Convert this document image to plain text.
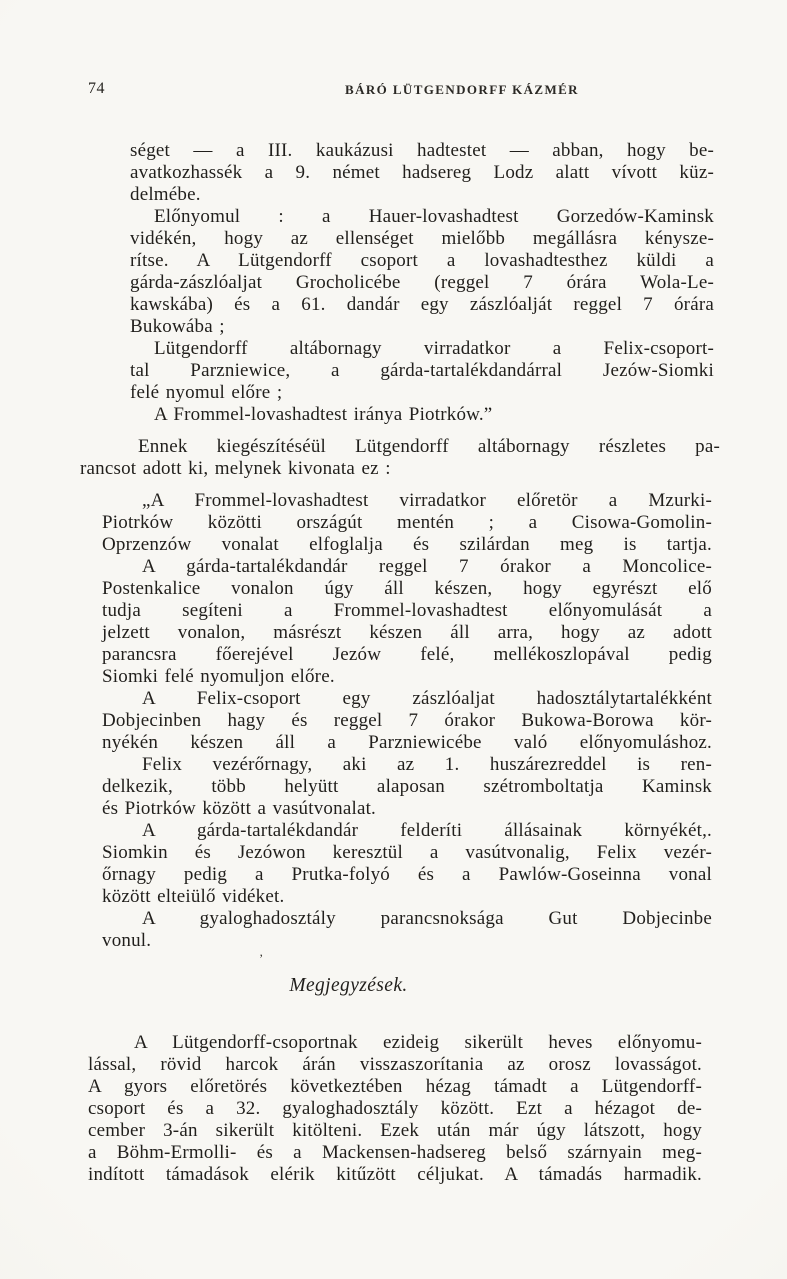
74	BÁRÓ LÜTGENDORFF KÁZMÉR
séget — a III. kaukázusi hadtestet — abban, hogy be-
avatkozhassék a 9. német hadsereg Lodz alatt vívott küz-
delmébe.
Előnyomul : a Hauer-lovashadtest Gorzedów-Kaminsk
vidékén, hogy az ellenséget mielőbb megállásra kénysze-
rítse. A Lütgendorff csoport a lovashadtesthez küldi a
gárda-zászlóaljat Grocholicébe (reggel 7 órára Wola-Le-
kawskába) és a 61. dandár egy zászlóalját reggel 7 órára
Bukowába ;
Lütgendorff altábornagy virradatkor a Felix-csoport-
tal Parzniewice, a gárda-tartalékdandárral Jezów-Siomki
felé nyomul előre ;
A Frommel-lovashadtest iránya Piotrków.”
Ennek kiegészítéséül Lütgendorff altábornagy részletes pa-
rancsot adott ki, melynek kivonata ez :
„A Frommel-lovashadtest virradatkor előretör a Mzurki-
Piotrków közötti országút mentén ; a Cisowa-Gomolin-
Oprzenzów vonalat elfoglalja és szilárdan meg is tartja.
A gárda-tartalékdandár reggel 7 órakor a Moncolice-
Postenkalice vonalon úgy áll készen, hogy egyrészt elő
tudja segíteni a Frommel-lovashadtest előnyomulását a
jelzett vonalon, másrészt készen áll arra, hogy az adott
parancsra főerejével Jezów felé, mellékoszlopával pedig
Siomki felé nyomuljon előre.
A Felix-csoport egy zászlóaljat hadosztálytartalékként
Dobjecinben hagy és reggel 7 órakor Bukowa-Borowa kör-
nyékén készen áll a Parzniewicébe való előnyomuláshoz.
Felix vezérőrnagy, aki az 1. huszárezreddel is ren-
delkezik, több helyütt alaposan szétromboltatja Kaminsk
és Piotrków között a vasútvonalat.
A gárda-tartalékdandár felderíti állásainak környékét,.
Siomkin és Jezówon keresztül a vasútvonalig, Felix vezér-
őrnagy pedig a Prutka-folyó és a Pawlów-Goseinna vonal
között elteiülő vidéket.
A gyaloghadosztály parancsnoksága Gut Dobjecinbe
vonul.
Megjegyzések.
A Lütgendorff-csoportnak ezideig sikerült heves előnyomu-
lással, rövid harcok árán visszaszorítania az orosz lovasságot.
A gyors előretörés következtében hézag támadt a Lütgendorff-
csoport és a 32. gyaloghadosztály között. Ezt a hézagot de-
cember 3-án sikerült kitölteni. Ezek után már úgy látszott, hogy
a Böhm-Ermolli- és a Mackensen-hadsereg belső szárnyain meg-
indított támadások elérik kitűzött céljukat. A támadás harmadik.
‚
